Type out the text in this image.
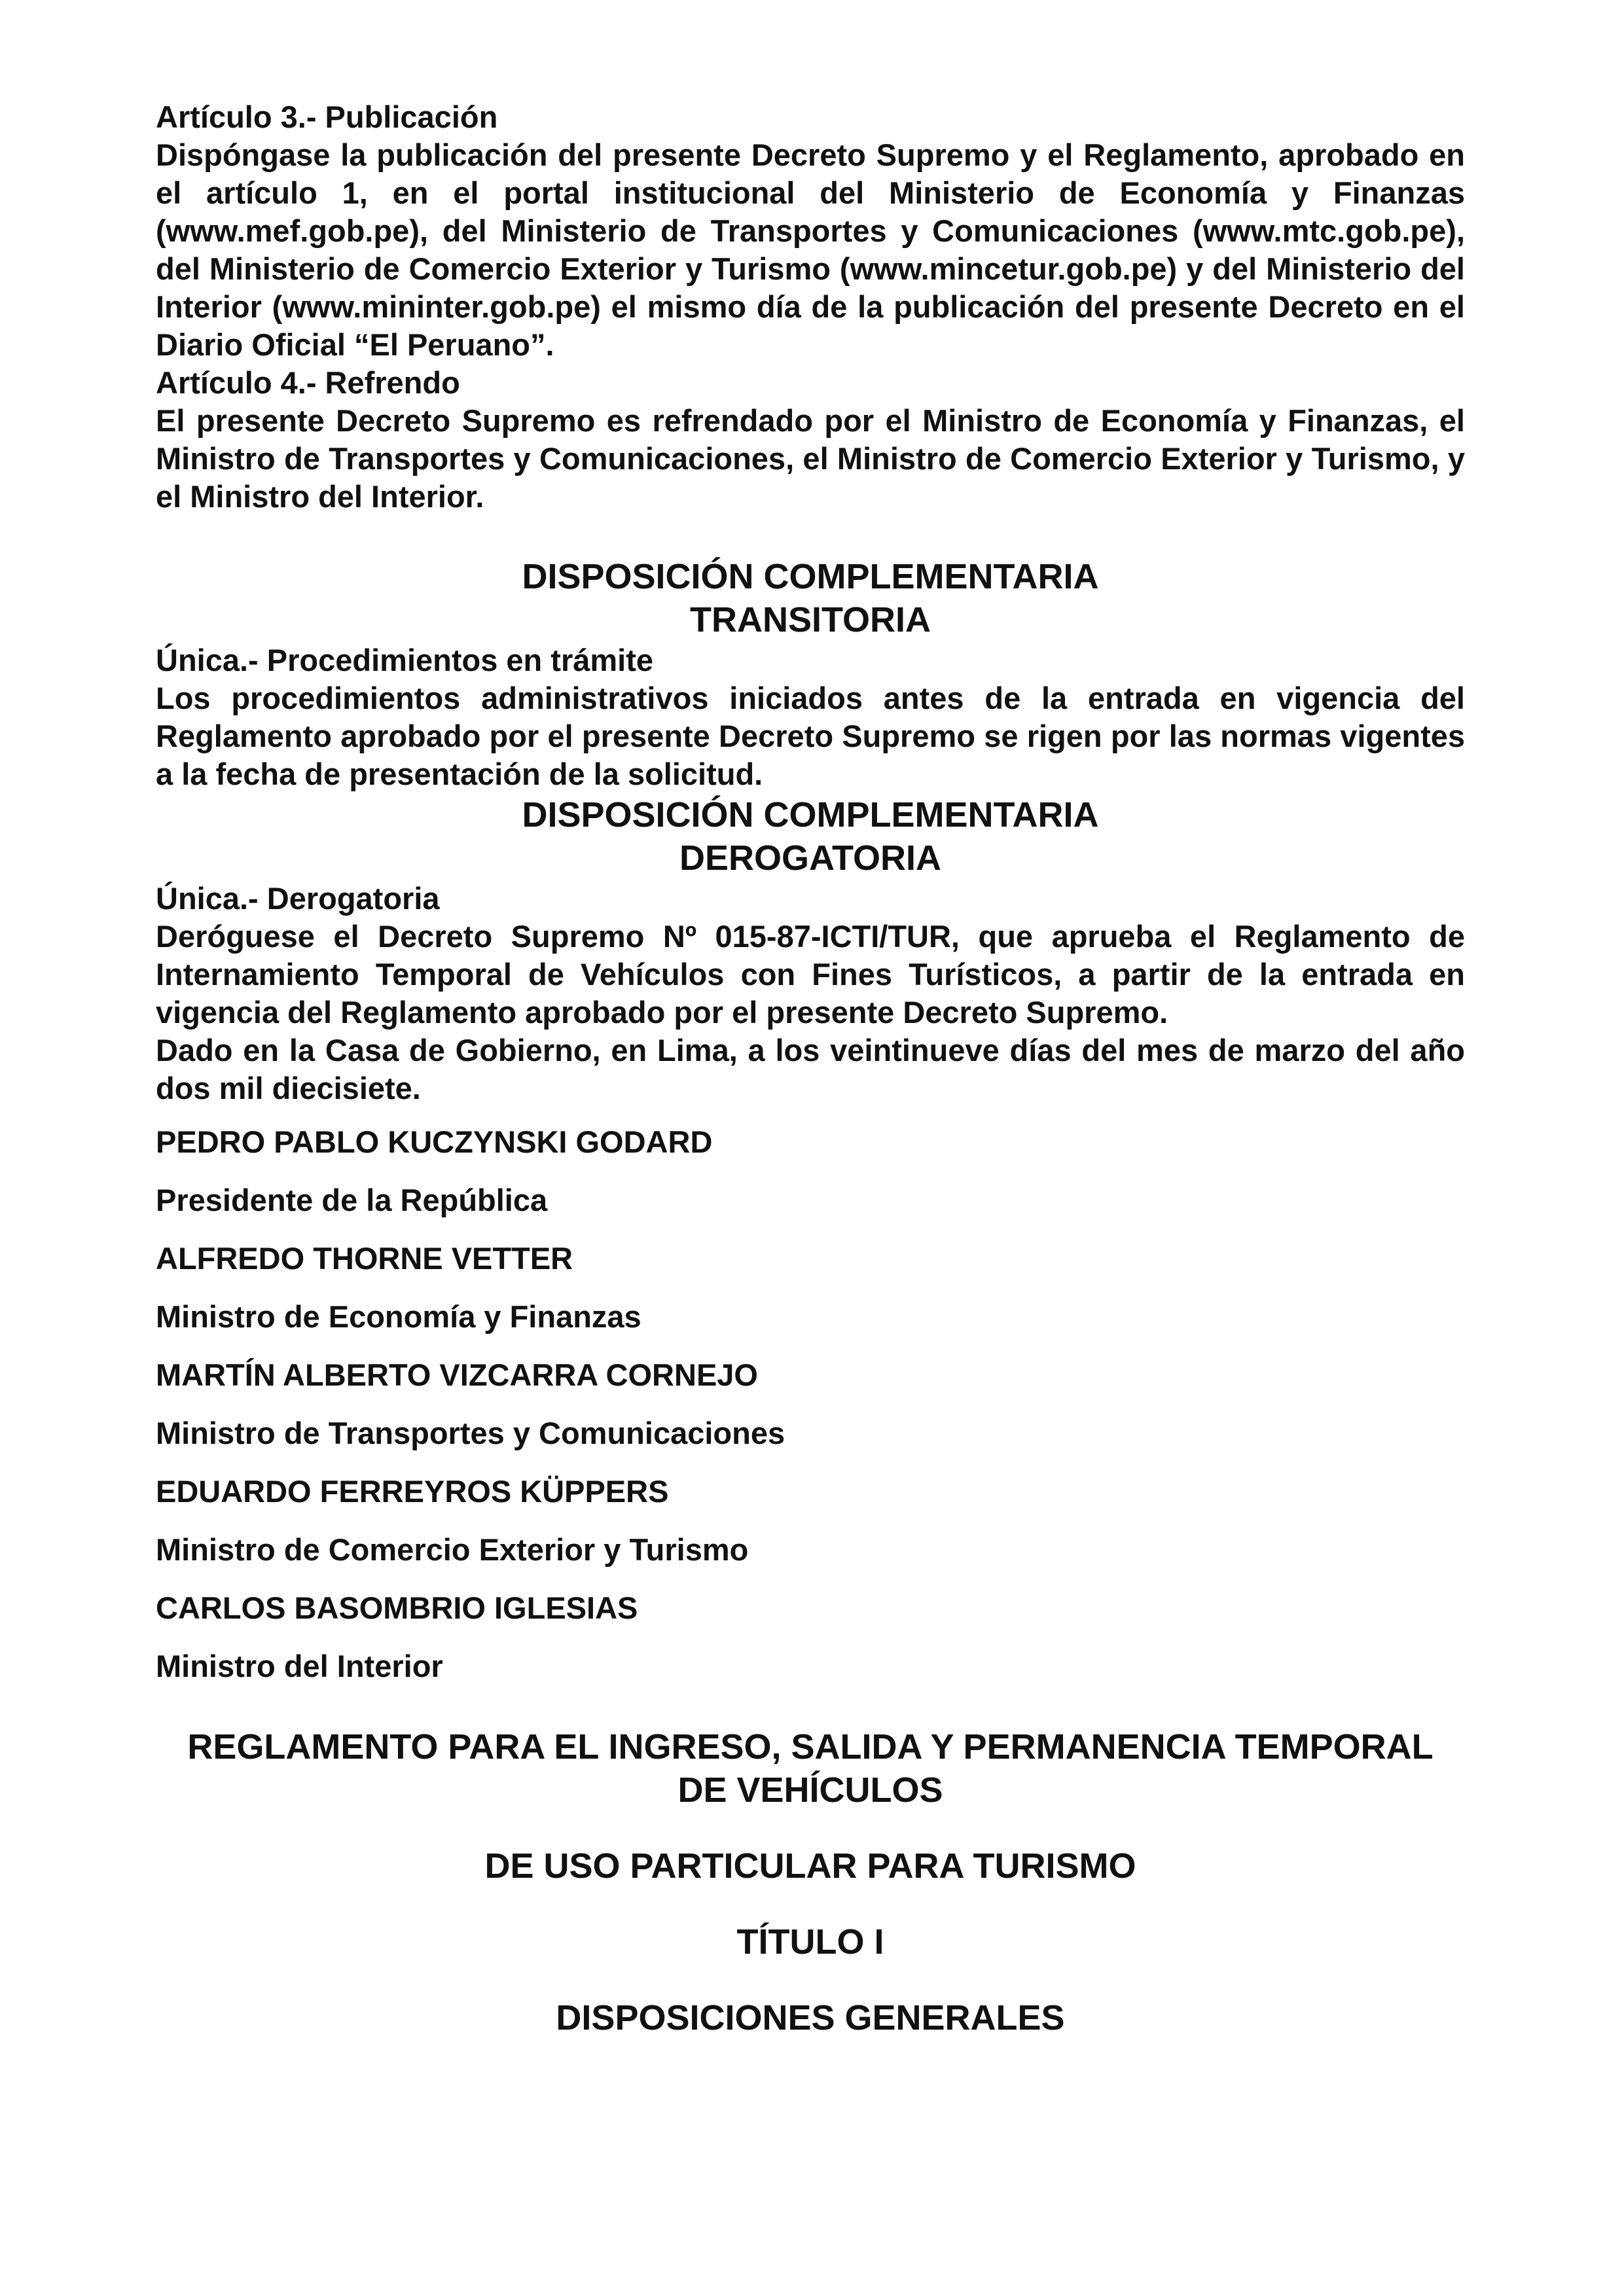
Artículo 3.- Publicación

Dispóngase la publicación del presente Decreto Supremo y el Reglamento, aprobado en el artículo 1, en el portal institucional del Ministerio de Economía y Finanzas (www.mef.gob.pe), del Ministerio de Transportes y Comunicaciones (www.mtc.gob.pe), del Ministerio de Comercio Exterior y Turismo (www.mincetur.gob.pe) y del Ministerio del Interior (www.mininter.gob.pe) el mismo día de la publicación del presente Decreto en el Diario Oficial “El Peruano”.

Artículo 4.- Refrendo

El presente Decreto Supremo es refrendado por el Ministro de Economía y Finanzas, el Ministro de Transportes y Comunicaciones, el Ministro de Comercio Exterior y Turismo, y el Ministro del Interior.

DISPOSICIÓN COMPLEMENTARIA

TRANSITORIA

Única.- Procedimientos en trámite

Los procedimientos administrativos iniciados antes de la entrada en vigencia del Reglamento aprobado por el presente Decreto Supremo se rigen por las normas vigentes a la fecha de presentación de la solicitud.

DISPOSICIÓN COMPLEMENTARIA

DEROGATORIA

Única.- Derogatoria

Deróguese el Decreto Supremo Nº 015-87-ICTI/TUR, que aprueba el Reglamento de Internamiento Temporal de Vehículos con Fines Turísticos, a partir de la entrada en vigencia del Reglamento aprobado por el presente Decreto Supremo.

Dado en la Casa de Gobierno, en Lima, a los veintinueve días del mes de marzo del año dos mil diecisiete.

PEDRO PABLO KUCZYNSKI GODARD

Presidente de la República

ALFREDO THORNE VETTER

Ministro de Economía y Finanzas

MARTÍN ALBERTO VIZCARRA CORNEJO

Ministro de Transportes y Comunicaciones

EDUARDO FERREYROS KÜPPERS

Ministro de Comercio Exterior y Turismo

CARLOS BASOMBRIO IGLESIAS

Ministro del Interior

REGLAMENTO PARA EL INGRESO, SALIDA Y PERMANENCIA TEMPORAL

DE VEHÍCULOS

DE USO PARTICULAR PARA TURISMO

TÍTULO I

DISPOSICIONES GENERALES
